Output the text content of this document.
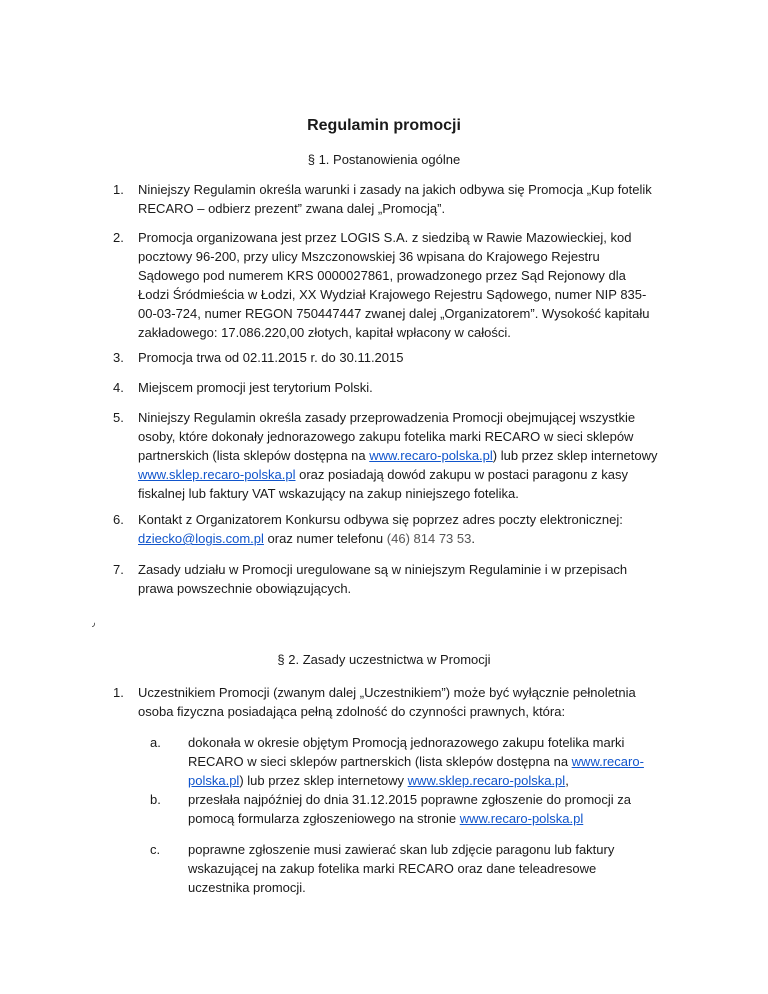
Regulamin promocji
§ 1. Postanowienia ogólne
1.	Niniejszy Regulamin określa warunki i zasady na jakich odbywa się Promocja „Kup fotelik RECARO – odbierz prezent” zwana dalej „Promocją”.
2.	Promocja organizowana jest przez LOGIS S.A. z siedzibą w Rawie Mazowieckiej, kod pocztowy 96-200, przy ulicy Mszczonowskiej 36 wpisana do Krajowego Rejestru Sądowego pod numerem KRS 0000027861, prowadzonego przez Sąd Rejonowy dla Łodzi Śródmieścia w Łodzi, XX Wydział Krajowego Rejestru Sądowego, numer NIP 835-00-03-724, numer REGON 750447447 zwanej dalej „Organizatorem”. Wysokość kapitału zakładowego: 17.086.220,00 złotych, kapitał wpłacony w całości.
3.	Promocja trwa od 02.11.2015 r. do 30.11.2015
4.	Miejscem promocji jest terytorium Polski.
5.	Niniejszy Regulamin określa zasady przeprowadzenia Promocji obejmującej wszystkie osoby, które dokonały jednorazowego zakupu fotelika marki RECARO w sieci sklepów partnerskich (lista sklepów dostępna na www.recaro-polska.pl) lub przez sklep internetowy www.sklep.recaro-polska.pl oraz posiadają dowód zakupu w postaci paragonu z kasy fiskalnej lub faktury VAT wskazujący na zakup niniejszego fotelika.
6.	Kontakt z Organizatorem Konkursu odbywa się poprzez adres poczty elektronicznej: dziecko@logis.com.pl oraz numer telefonu (46) 814 73 53.
7.	Zasady udziału w Promocji uregulowane są w niniejszym Regulaminie i w przepisach prawa powszechnie obowiązujących.
٫
§ 2. Zasady uczestnictwa w Promocji
1.	Uczestnikiem Promocji (zwanym dalej „Uczestnikiem”) może być wyłącznie pełnoletnia osoba fizyczna posiadająca pełną zdolność do czynności prawnych, która:
a.	dokonała w okresie objętym Promocją jednorazowego zakupu fotelika marki RECARO w sieci sklepów partnerskich (lista sklepów dostępna na www.recaro-polska.pl) lub przez sklep internetowy www.sklep.recaro-polska.pl,
b.	przesłała najpóźniej do dnia 31.12.2015 poprawne zgłoszenie do promocji za pomocą formularza zgłoszeniowego na stronie www.recaro-polska.pl
c.	poprawne zgłoszenie musi zawierać skan lub zdjęcie paragonu lub faktury wskazującej na zakup fotelika marki RECARO oraz dane teleadresowe uczestnika promocji.
